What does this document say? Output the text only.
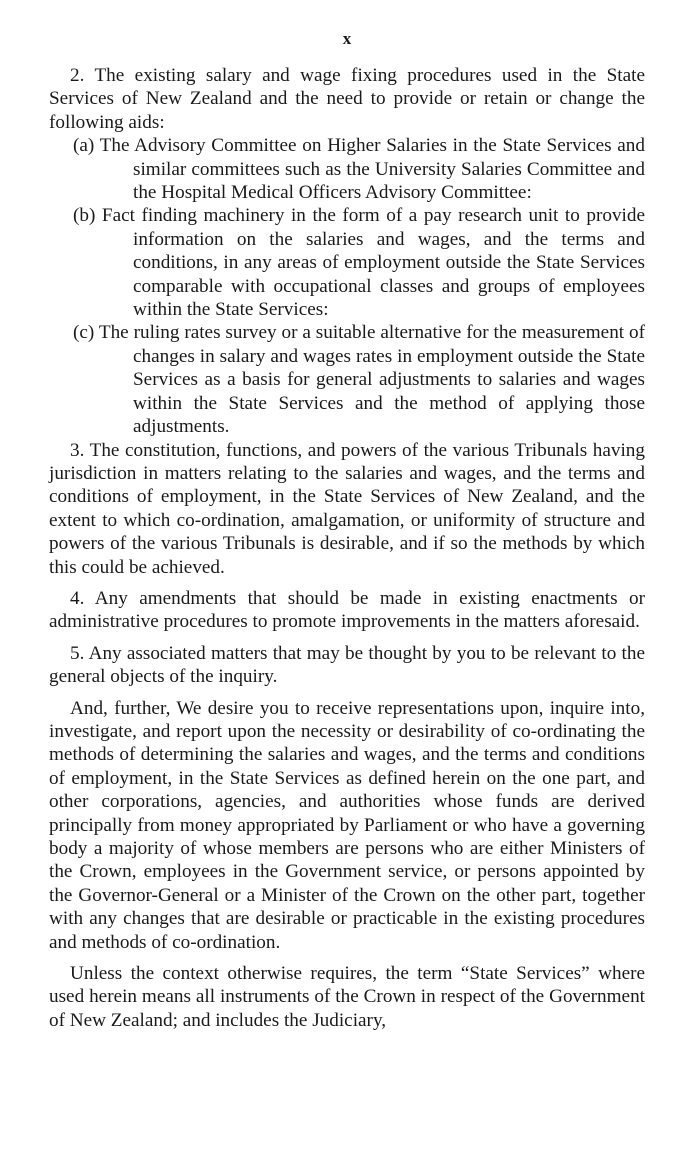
x

2. The existing salary and wage fixing procedures used in the State Services of New Zealand and the need to provide or retain or change the following aids:

(a) The Advisory Committee on Higher Salaries in the State Services and similar committees such as the University Salaries Committee and the Hospital Medical Officers Advisory Committee:
(b) Fact finding machinery in the form of a pay research unit to provide information on the salaries and wages, and the terms and conditions, in any areas of employment outside the State Services comparable with occupational classes and groups of employees within the State Services:
(c) The ruling rates survey or a suitable alternative for the measurement of changes in salary and wages rates in employment outside the State Services as a basis for general adjustments to salaries and wages within the State Services and the method of applying those adjustments.

3. The constitution, functions, and powers of the various Tribunals having jurisdiction in matters relating to the salaries and wages, and the terms and conditions of employment, in the State Services of New Zealand, and the extent to which co-ordination, amalgamation, or uniformity of structure and powers of the various Tribunals is desirable, and if so the methods by which this could be achieved.

4. Any amendments that should be made in existing enactments or administrative procedures to promote improvements in the matters aforesaid.

5. Any associated matters that may be thought by you to be relevant to the general objects of the inquiry.

And, further, We desire you to receive representations upon, inquire into, investigate, and report upon the necessity or desirability of co-ordinating the methods of determining the salaries and wages, and the terms and conditions of employment, in the State Services as defined herein on the one part, and other corporations, agencies, and authorities whose funds are derived principally from money appropriated by Parliament or who have a governing body a majority of whose members are persons who are either Ministers of the Crown, employees in the Government service, or persons appointed by the Governor-General or a Minister of the Crown on the other part, together with any changes that are desirable or practicable in the existing procedures and methods of co-ordination.

Unless the context otherwise requires, the term “State Services” where used herein means all instruments of the Crown in respect of the Government of New Zealand; and includes the Judiciary,
